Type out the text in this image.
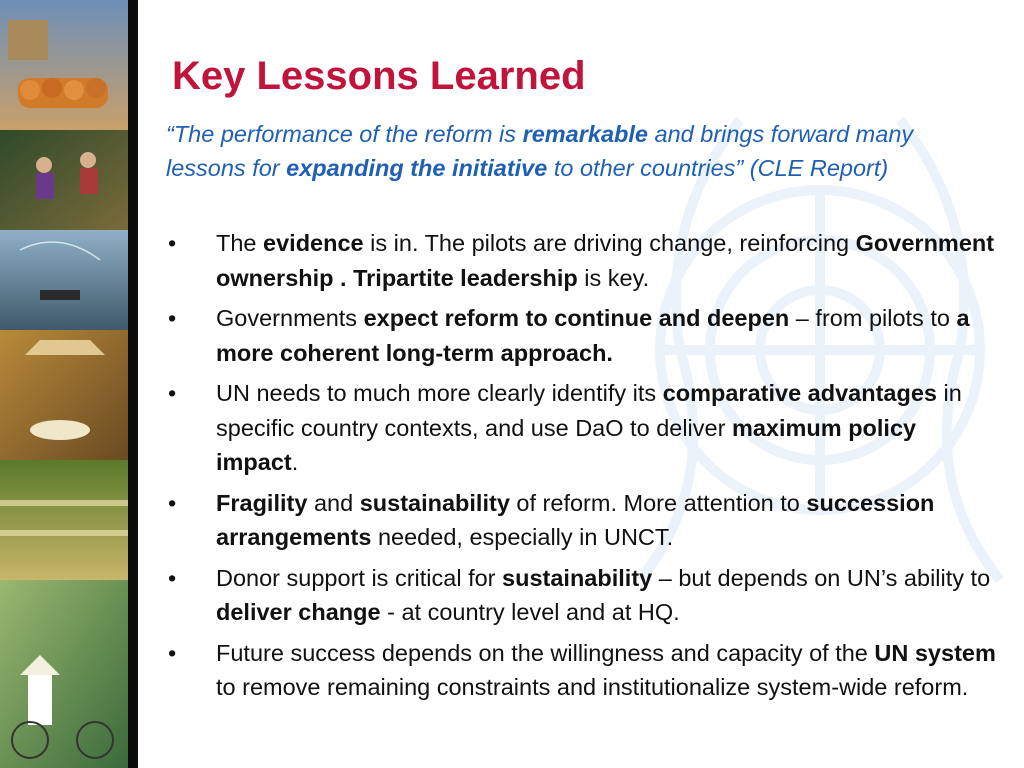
Key Lessons Learned

“The performance of the reform is remarkable and brings forward many lessons for expanding the initiative to other countries” (CLE Report)

• The evidence is in. The pilots are driving change, reinforcing Government ownership . Tripartite leadership is key.
• Governments expect reform to continue and deepen – from pilots to a more coherent long-term approach.
• UN needs to much more clearly identify its comparative advantages in specific country contexts, and use DaO to deliver maximum policy impact.
• Fragility and sustainability of reform. More attention to succession arrangements needed, especially in UNCT.
• Donor support is critical for sustainability – but depends on UN’s ability to deliver change - at country level and at HQ.
• Future success depends on the willingness and capacity of the UN system to remove remaining constraints and institutionalize system-wide reform.
